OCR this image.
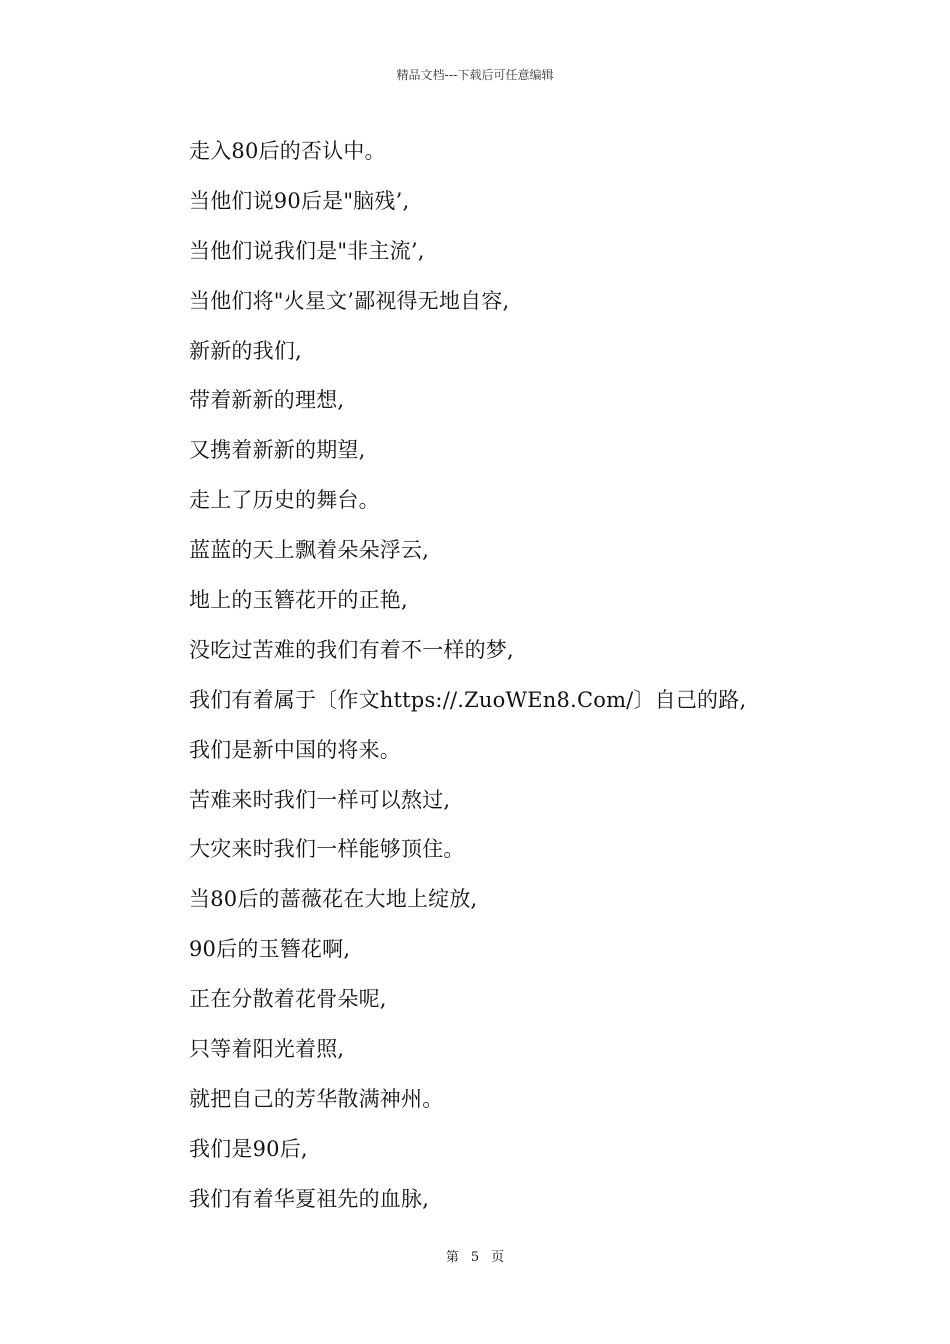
精品文档---下载后可任意编辑
走入80后的否认中。
当他们说90后是"脑残’,
当他们说我们是"非主流’,
当他们将"火星文’鄙视得无地自容,
新新的我们,
带着新新的理想,
又携着新新的期望,
走上了历史的舞台。
蓝蓝的天上飘着朵朵浮云,
地上的玉簪花开的正艳,
没吃过苦难的我们有着不一样的梦,
我们有着属于〔作文https://.ZuoWEn8.Com/〕自己的路,
我们是新中国的将来。
苦难来时我们一样可以熬过,
大灾来时我们一样能够顶住。
当80后的蔷薇花在大地上绽放,
90后的玉簪花啊,
正在分散着花骨朵呢,
只等着阳光着照,
就把自己的芳华散满神州。
我们是90后,
我们有着华夏祖先的血脉,
第 5 页
